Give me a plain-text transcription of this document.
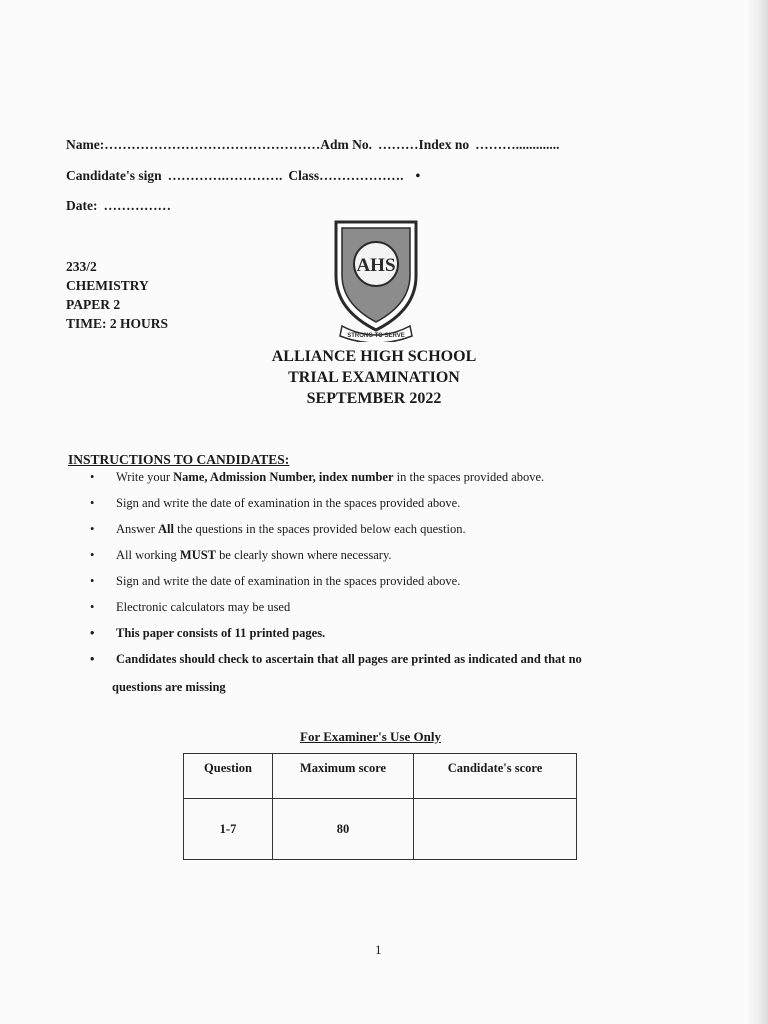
Name:…………………………………………Adm No. ………Index no ……….............
Candidate's sign ………….…………. Class………………. •
Date: ……………
233/2
CHEMISTRY
PAPER 2
TIME: 2 HOURS
AHS
STRONG TO SERVE
ALLIANCE HIGH SCHOOL
TRIAL EXAMINATION
SEPTEMBER 2022
INSTRUCTIONS TO CANDIDATES:
• Write your Name, Admission Number, index number in the spaces provided above.
• Sign and write the date of examination in the spaces provided above.
• Answer All the questions in the spaces provided below each question.
• All working MUST be clearly shown where necessary.
• Sign and write the date of examination in the spaces provided above.
• Electronic calculators may be used
• This paper consists of 11 printed pages.
• Candidates should check to ascertain that all pages are printed as indicated and that no
questions are missing
For Examiner's Use Only
Question	Maximum score	Candidate's score
1-7	80	
1
